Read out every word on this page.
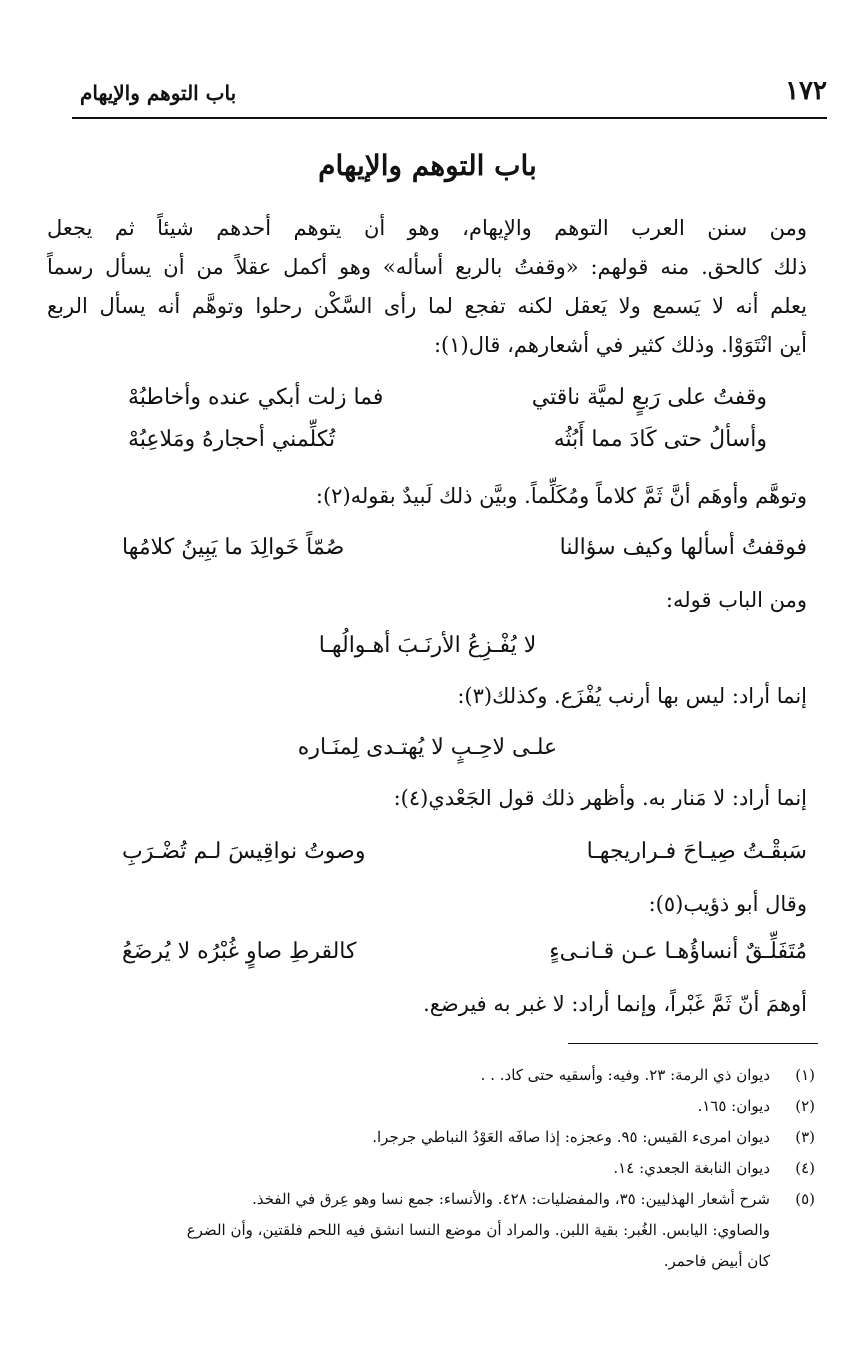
١٧٢
باب التوهم والإيهام
باب التوهم والإيهام
ومن سنن العرب التوهم والإيهام، وهو أن يتوهم أحدهم شيئاً ثم يجعل
ذلك كالحق. منه قولهم: «وقفتُ بالربع أسأله» وهو أكمل عقلاً من أن يسأل رسماً
يعلم أنه لا يَسمع ولا يَعقل لكنه تفجع لما رأى السَّكْن رحلوا وتوهَّم أنه يسأل الربع
أين انْتَوَوْا. وذلك كثير في أشعارهم، قال(١):
وقفتُ على رَبعٍ لميَّة ناقتي
فما زلت أبكي عنده وأخاطبُهْ
وأسألُ حتى كَادَ مما أَبُثُه
تُكلِّمني أحجارهُ ومَلاعِبُهْ
وتوهَّم وأوهَم أنَّ ثَمَّ كلاماً ومُكَلِّماً. وبيَّن ذلك لَبيدٌ بقوله(٢):
فوقفتُ أسألها وكيف سؤالنا
صُمّاً خَوالِدَ ما يَبِينُ كلامُها
ومن الباب قوله:
لا يُفْـزِعُ الأرنَـبَ أهـوالُهـا
إنما أراد: ليس بها أرنب يُفْزَع. وكذلك(٣):
علـى لاحِـبٍ لا يُهتـدى لِمنَـاره
إنما أراد: لا مَنار به. وأظهر ذلك قول الجَعْدي(٤):
سَبقْـتُ صِيـاحَ فـراريجهـا
وصوتُ نواقِيسَ لـم تُضْـرَبِ
وقال أبو ذؤيب(٥):
مُتَفَلِّـقٌ أنساؤُهـا عـن قـانـىءٍ
كالقرطِ صاوٍ غُبْرُه لا يُرضَعُ
أوهمَ أنّ ثَمَّ غَبْراً، وإنما أراد: لا غبر به فيرضع.
(١)
ديوان ذي الرمة: ٢٣. وفيه: وأسقيه حتى كاد. . .
(٢)
ديوان: ١٦٥.
(٣)
ديوان امرىء القيس: ٩٥. وعجزه: إذا صافَه العَوْدُ النباطي جرجرا.
(٤)
ديوان النابغة الجعدي: ١٤.
(٥)
شرح أشعار الهذليين: ٣٥، والمفضليات: ٤٢٨. والأنساء: جمع نسا وهو عِرق في الفخذ.
والصاوي: اليابس. الغُبر: بقية اللبن. والمراد أن موضع النسا انشق فيه اللحم فلقتين، وأن الضرع
كان أبيض فاحمر.
